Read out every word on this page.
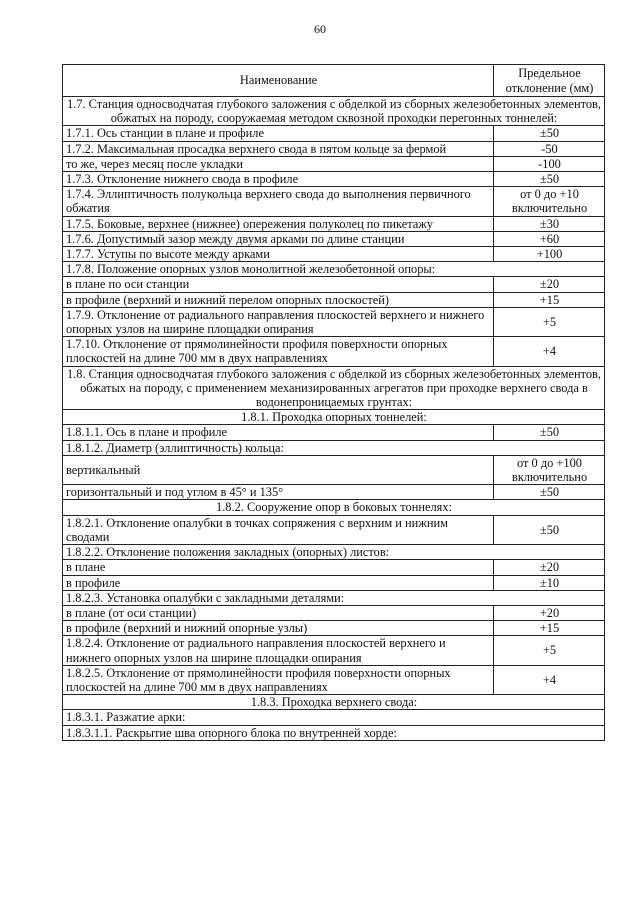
60
Наименование	Предельное отклонение (мм)
1.7. Станция односводчатая глубокого заложения с обделкой из сборных железобетонных элементов, обжатых на породу, сооружаемая методом сквозной проходки перегонных тоннелей:	
1.7.1. Ось станции в плане и профиле	±50
1.7.2. Максимальная просадка верхнего свода в пятом кольце за фермой	-50
то же, через месяц после укладки	-100
1.7.3. Отклонение нижнего свода в профиле	±50
1.7.4. Эллиптичность полукольца верхнего свода до выполнения первичного обжатия	от 0 до +10 включительно
1.7.5. Боковые, верхнее (нижнее) опережения полуколец по пикетажу	±30
1.7.6. Допустимый зазор между двумя арками по длине станции	+60
1.7.7. Уступы по высоте между арками	+100
1.7.8. Положение опорных узлов монолитной железобетонной опоры:	
в плане по оси станции	±20
в профиле (верхний и нижний перелом опорных плоскостей)	+15
1.7.9. Отклонение от радиального направления плоскостей верхнего и нижнего опорных узлов на ширине площадки опирания	+5
1.7.10. Отклонение от прямолинейности профиля поверхности опорных плоскостей на длине 700 мм в двух направлениях	+4
1.8. Станция односводчатая глубокого заложения с обделкой из сборных железобетонных элементов, обжатых на породу, с применением механизированных агрегатов при проходке верхнего свода в водонепроницаемых грунтах:	
1.8.1. Проходка опорных тоннелей:	
1.8.1.1. Ось в плане и профиле	±50
1.8.1.2. Диаметр (эллиптичность) кольца:	
вертикальный	от 0 до +100 включительно
горизонтальный и под углом в 45° и 135°	±50
1.8.2. Сооружение опор в боковых тоннелях:	
1.8.2.1. Отклонение опалубки в точках сопряжения с верхним и нижним сводами	±50
1.8.2.2. Отклонение положения закладных (опорных) листов:	
в плане	±20
в профиле	±10
1.8.2.3. Установка опалубки с закладными деталями:	
в плане (от оси станции)	+20
в профиле (верхний и нижний опорные узлы)	+15
1.8.2.4. Отклонение от радиального направления плоскостей верхнего и нижнего опорных узлов на ширине площадки опирания	+5
1.8.2.5. Отклонение от прямолинейности профиля поверхности опорных плоскостей на длине 700 мм в двух направлениях	+4
1.8.3. Проходка верхнего свода:	
1.8.3.1. Разжатие арки:	
1.8.3.1.1. Раскрытие шва опорного блока по внутренней хорде:	
